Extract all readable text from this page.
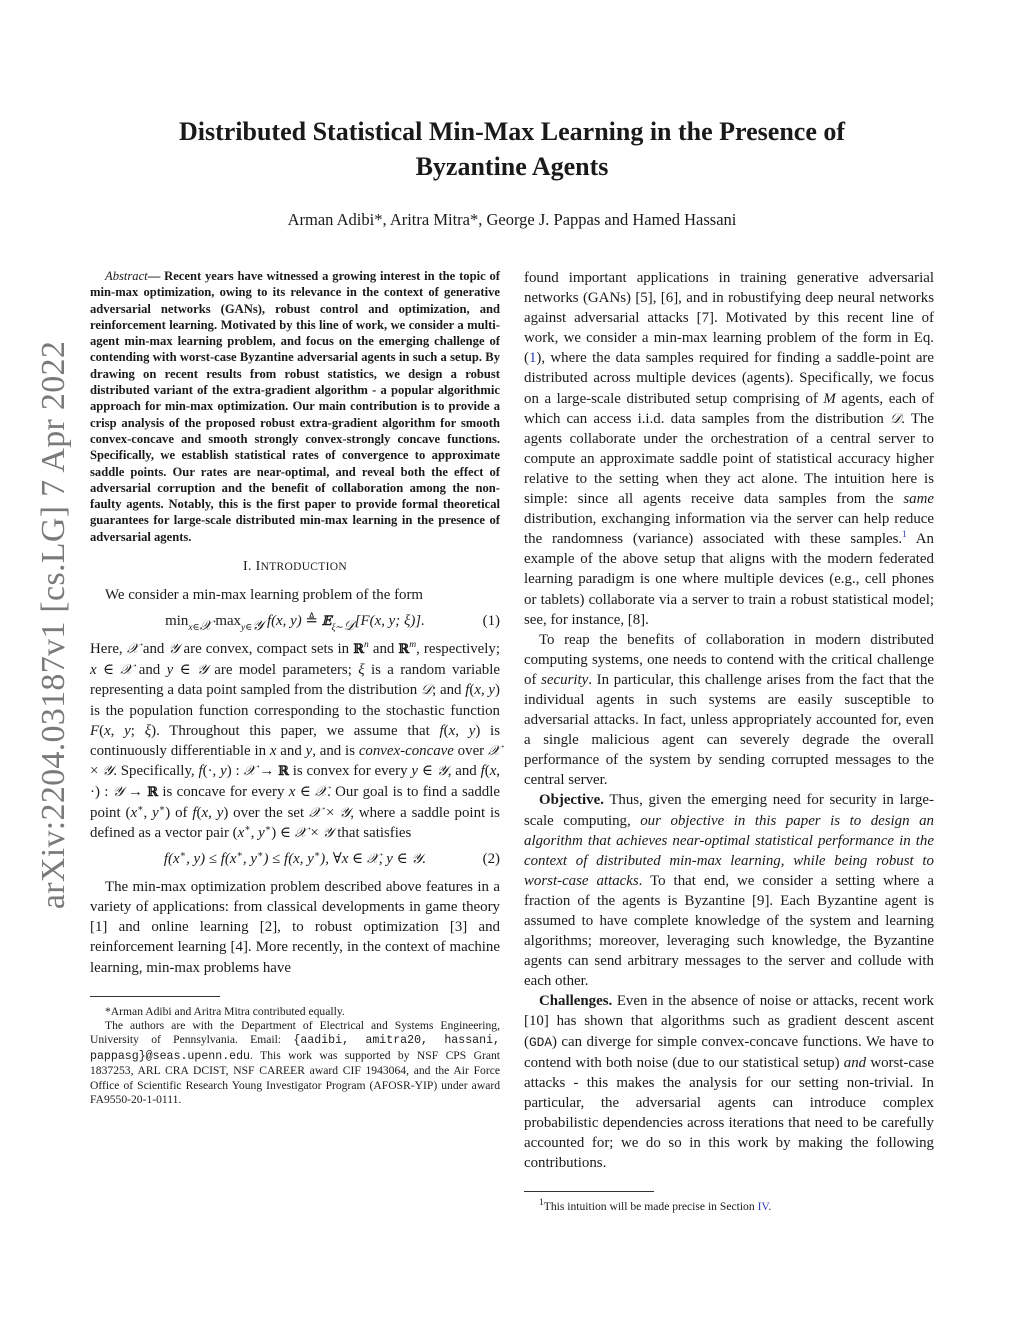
arXiv:2204.03187v1 [cs.LG] 7 Apr 2022
Distributed Statistical Min-Max Learning in the Presence of
Byzantine Agents
Arman Adibi*, Aritra Mitra*, George J. Pappas and Hamed Hassani

Abstract— Recent years have witnessed a growing interest in the topic of min-max optimization, owing to its relevance in the context of generative adversarial networks (GANs), robust control and optimization, and reinforcement learning. Motivated by this line of work, we consider a multi-agent min-max learning problem, and focus on the emerging challenge of contending with worst-case Byzantine adversarial agents in such a setup. By drawing on recent results from robust statistics, we design a robust distributed variant of the extra-gradient algorithm - a popular algorithmic approach for min-max optimization. Our main contribution is to provide a crisp analysis of the proposed robust extra-gradient algorithm for smooth convex-concave and smooth strongly convex-strongly concave functions. Specifically, we establish statistical rates of convergence to approximate saddle points. Our rates are near-optimal, and reveal both the effect of adversarial corruption and the benefit of collaboration among the non-faulty agents. Notably, this is the first paper to provide formal theoretical guarantees for large-scale distributed min-max learning in the presence of adversarial agents.

I. INTRODUCTION

We consider a min-max learning problem of the form

$\min_{x\in 𝒳} \max_{y\in 𝒴} f(x$, y) ≜ 𝔼$_{\xi\sim 𝒟}$[F(x, y; ξ)].	(1)

Here, 𝒳 and 𝒴 are convex, compact sets in ℝ$^n$ and ℝ$^m$, respectively; x ∈ 𝒳 and y ∈ 𝒴 are model parameters; ξ is a random variable representing a data point sampled from the distribution 𝒟; and f(x, y) is the population function corresponding to the stochastic function F(x, y; ξ). Throughout this paper, we assume that f(x, y) is continuously differentiable in x and y, and is convex-concave over 𝒳 × 𝒴. Specifically, f(·, y) : 𝒳 → ℝ is convex for every y ∈ 𝒴, and f(x, ·) : 𝒴 → ℝ is concave for every x ∈ 𝒳. Our goal is to find a saddle point (x∗, y∗) of f(x, y) over the set 𝒳 × 𝒴, where a saddle point is defined as a vector pair (x∗, y∗) ∈ 𝒳 × 𝒴 that satisfies

f(x∗, y) ≤ f(x∗, y∗) ≤ f(x, y∗), ∀x ∈ 𝒳, y ∈ 𝒴.	(2)

The min-max optimization problem described above features in a variety of applications: from classical developments in game theory [1] and online learning [2], to robust optimization [3] and reinforcement learning [4]. More recently, in the context of machine learning, min-max problems have

*Arman Adibi and Aritra Mitra contributed equally.

The authors are with the Department of Electrical and Systems Engineering, University of Pennsylvania. Email: {aadibi, amitra20, hassani, pappasg}@seas.upenn.edu. This work was supported by NSF CPS Grant 1837253, ARL CRA DCIST, NSF CAREER award CIF 1943064, and the Air Force Office of Scientific Research Young Investigator Program (AFOSR-YIP) under award FA9550-20-1-0111.

found important applications in training generative adversarial networks (GANs) [5], [6], and in robustifying deep neural networks against adversarial attacks [7]. Motivated by this recent line of work, we consider a min-max learning problem of the form in Eq. (1), where the data samples required for finding a saddle-point are distributed across multiple devices (agents). Specifically, we focus on a large-scale distributed setup comprising of M agents, each of which can access i.i.d. data samples from the distribution 𝒟. The agents collaborate under the orchestration of a central server to compute an approximate saddle point of statistical accuracy higher relative to the setting when they act alone. The intuition here is simple: since all agents receive data samples from the same distribution, exchanging information via the server can help reduce the randomness (variance) associated with these samples.$^1$ An example of the above setup that aligns with the modern federated learning paradigm is one where multiple devices (e.g., cell phones or tablets) collaborate via a server to train a robust statistical model; see, for instance, [8].

To reap the benefits of collaboration in modern distributed computing systems, one needs to contend with the critical challenge of security. In particular, this challenge arises from the fact that the individual agents in such systems are easily susceptible to adversarial attacks. In fact, unless appropriately accounted for, even a single malicious agent can severely degrade the overall performance of the system by sending corrupted messages to the central server.

Objective. Thus, given the emerging need for security in large-scale computing, our objective in this paper is to design an algorithm that achieves near-optimal statistical performance in the context of distributed min-max learning, while being robust to worst-case attacks. To that end, we consider a setting where a fraction of the agents is Byzantine [9]. Each Byzantine agent is assumed to have complete knowledge of the system and learning algorithms; moreover, leveraging such knowledge, the Byzantine agents can send arbitrary messages to the server and collude with each other.

Challenges. Even in the absence of noise or attacks, recent work [10] has shown that algorithms such as gradient descent ascent (GDA) can diverge for simple convex-concave functions. We have to contend with both noise (due to our statistical setup) and worst-case attacks - this makes the analysis for our setting non-trivial. In particular, the adversarial agents can introduce complex probabilistic dependencies across iterations that need to be carefully accounted for; we do so in this work by making the following contributions.

$^1$This intuition will be made precise in Section IV.
